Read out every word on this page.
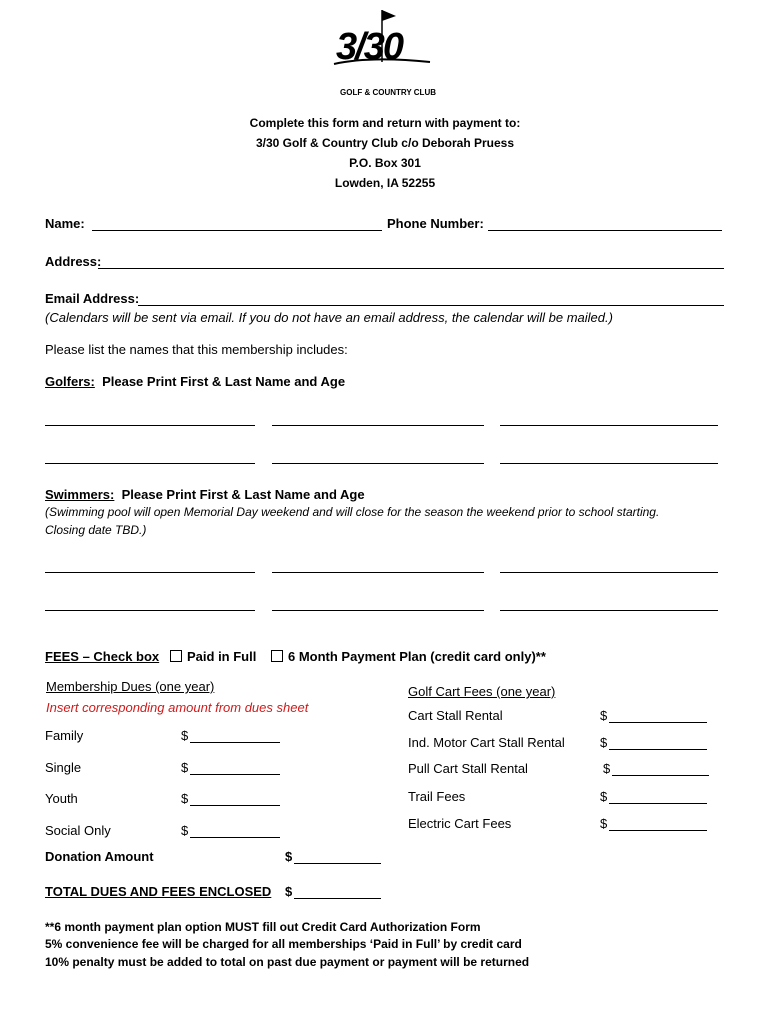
3/30
GOLF & COUNTRY CLUB
Complete this form and return with payment to:
3/30 Golf & Country Club c/o Deborah Pruess
P.O. Box 301
Lowden, IA 52255
Name:	Phone Number:
Address:
Email Address:
(Calendars will be sent via email. If you do not have an email address, the calendar will be mailed.)
Please list the names that this membership includes:
Golfers: Please Print First & Last Name and Age
Swimmers: Please Print First & Last Name and Age
(Swimming pool will open Memorial Day weekend and will close for the season the weekend prior to school starting.
Closing date TBD.)
FEES – Check box	Paid in Full	6 Month Payment Plan (credit card only)**
Membership Dues (one year)
Insert corresponding amount from dues sheet
Family	$
Single	$
Youth	$
Social Only	$
Golf Cart Fees (one year)
Cart Stall Rental	$
Ind. Motor Cart Stall Rental	$
Pull Cart Stall Rental	$
Trail Fees	$
Electric Cart Fees	$
Donation Amount	$
TOTAL DUES AND FEES ENCLOSED $
**6 month payment plan option MUST fill out Credit Card Authorization Form
5% convenience fee will be charged for all memberships ‘Paid in Full’ by credit card
10% penalty must be added to total on past due payment or payment will be returned
